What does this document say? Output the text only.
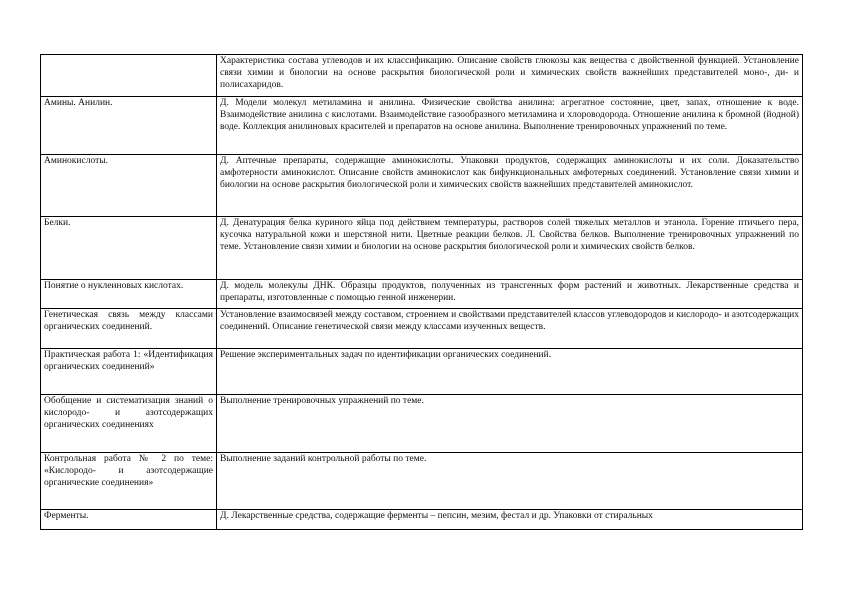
	Характеристика состава углеводов и их классификацию. Описание свойств глюкозы как вещества с двойственной функцией. Установление связи химии и биологии на основе раскрытия биологической роли и химических свойств важнейших представителей моно-, ди- и полисахаридов.
Амины. Анилин.	Д. Модели молекул метиламина и анилина. Физические свойства анилина: агрегатное состояние, цвет, запах, отношение к воде. Взаимодействие анилина с кислотами. Взаимодействие газообразного метиламина и хлороводорода. Отношение анилина к бромной (йодной) воде. Коллекция анилиновых красителей и препаратов на основе анилина. Выполнение тренировочных упражнений по теме.
Аминокислоты.	Д. Аптечные препараты, содержащие аминокислоты. Упаковки продуктов, содержащих аминокислоты и их соли. Доказательство амфотерности аминокислот. Описание свойств аминокислот как бифункциональных амфотерных соединений. Установление связи химии и биологии на основе раскрытия биологической роли и химических свойств важнейших представителей аминокислот.
Белки.	Д. Денатурация белка куриного яйца под действием температуры, растворов солей тяжелых металлов и этанола. Горение птичьего пера, кусочка натуральной кожи и шерстяной нити. Цветные реакции белков. Л. Свойства белков. Выполнение тренировочных упражнений по теме. Установление связи химии и биологии на основе раскрытия биологической роли и химических свойств белков.
Понятие о нуклеиновых кислотах.	Д. модель молекулы ДНК. Образцы продуктов, полученных из трансгенных форм растений и животных. Лекарственные средства и препараты, изготовленные с помощью генной инженерии.
Генетическая связь между классами органических соединений.	Установление взаимосвязей между составом, строением и свойствами представителей классов углеводородов и кислородо- и азотсодержащих соединений. Описание генетической связи между классами изученных веществ.
Практическая работа 1: «Идентификация органических соединений»	Решение экспериментальных задач по идентификации органических соединений.
Обобщение и систематизация знаний о кислородо- и азотсодержащих органических соединениях	Выполнение тренировочных упражнений по теме.
Контрольная работа № 2 по теме: «Кислородо- и азотсодержащие органические соединения»	Выполнение заданий контрольной работы по теме.
Ферменты.	Д. Лекарственные средства, содержащие ферменты – пепсин, мезим, фестал и др. Упаковки от стиральных
